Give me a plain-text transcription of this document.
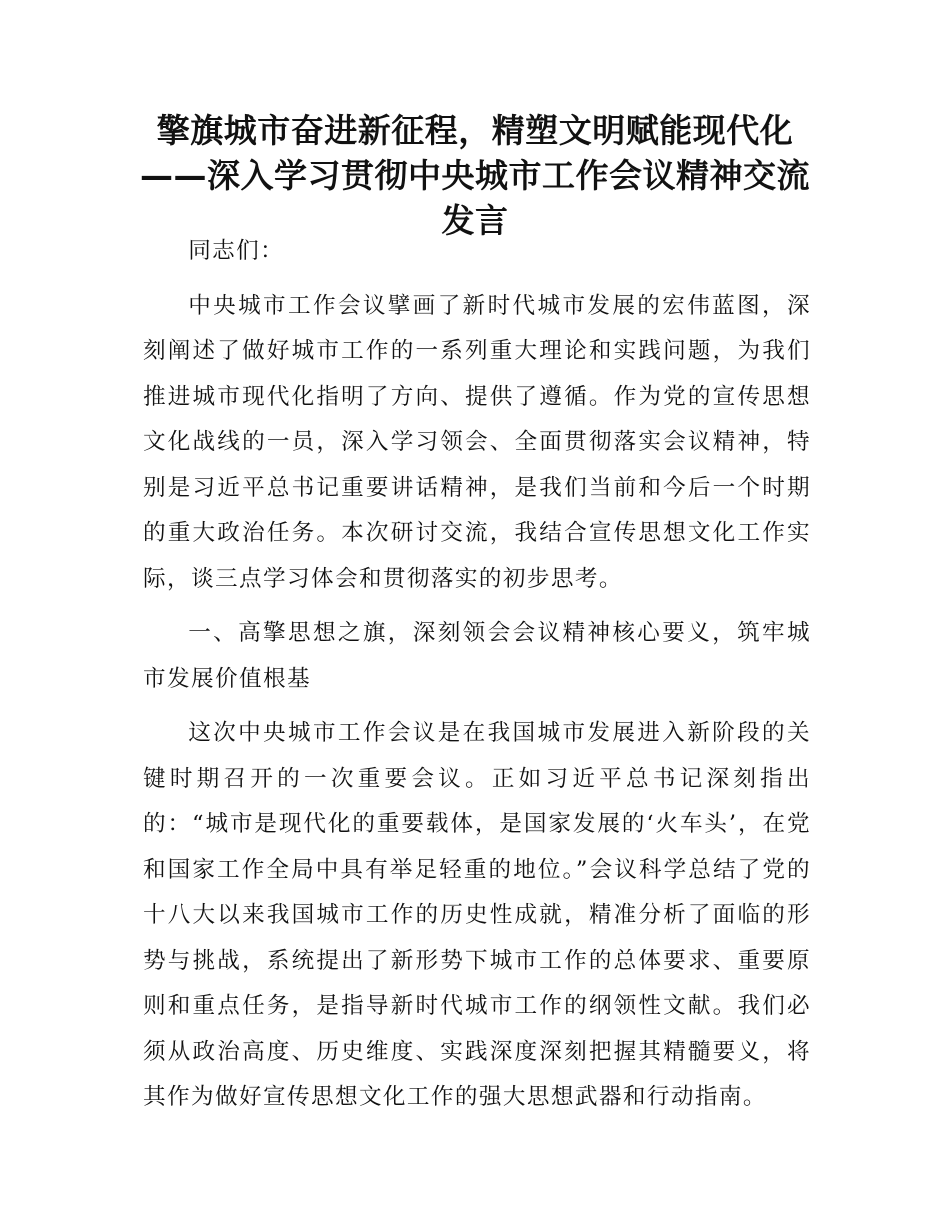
擎旗城市奋进新征程，精塑文明赋能现代化——深入学习贯彻中央城市工作会议精神交流发言

同志们：

中央城市工作会议擘画了新时代城市发展的宏伟蓝图，深刻阐述了做好城市工作的一系列重大理论和实践问题，为我们推进城市现代化指明了方向、提供了遵循。作为党的宣传思想文化战线的一员，深入学习领会、全面贯彻落实会议精神，特别是习近平总书记重要讲话精神，是我们当前和今后一个时期的重大政治任务。本次研讨交流，我结合宣传思想文化工作实际，谈三点学习体会和贯彻落实的初步思考。

一、高擎思想之旗，深刻领会会议精神核心要义，筑牢城市发展价值根基

这次中央城市工作会议是在我国城市发展进入新阶段的关键时期召开的一次重要会议。正如习近平总书记深刻指出的：“城市是现代化的重要载体，是国家发展的‘火车头’，在党和国家工作全局中具有举足轻重的地位。”会议科学总结了党的十八大以来我国城市工作的历史性成就，精准分析了面临的形势与挑战，系统提出了新形势下城市工作的总体要求、重要原则和重点任务，是指导新时代城市工作的纲领性文献。我们必须从政治高度、历史维度、实践深度深刻把握其精髓要义，将其作为做好宣传思想文化工作的强大思想武器和行动指南。
